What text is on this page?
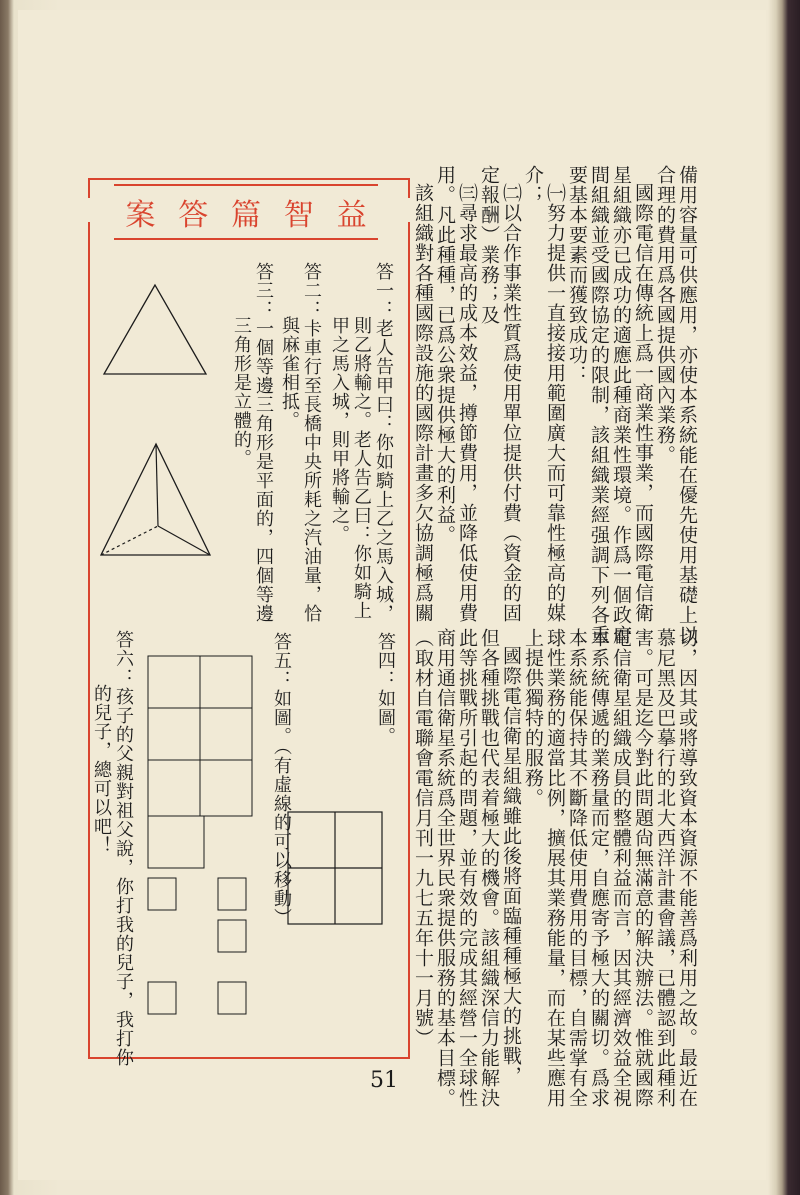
備用容量可供應用，亦使本系統能在優先使用基礎上以
合理的費用爲各國提供國內業務。
國際電信在傳統上爲一商業性事業，而國際電信衛
星組織亦已成功的適應此種商業性環境。作爲一個政府
間組織並受國際協定的限制，該組織業經强調下列各重
要基本要素而獲致成功：
㈠努力提供一直接接用範圍廣大而可靠性極高的媒
介；
㈡以合作事業性質爲使用單位提供付費（資金的固
定報酬）業務；及
㈢尋求最高的成本效益，撙節費用，並降低使用費
用。凡此種種，已爲公衆提供極大的利益。
該組織對各種國際設施的國際計畫多欠協調極爲關
切，因其或將導致資本資源不能善爲利用之故。最近在
慕尼黑及巴摹行的北大西洋計畫會議，已體認到此種利
害。可是迄今對此問題尙無滿意的解決辦法。惟就國際
電信衛星組織成員的整體利益而言，因其經濟效益全視
本系統傳遞的業務量而定，自應寄予極大的關切。爲求
本系統能保持其不斷降低使用費用的目標，自需掌有全
球性業務的適當比例，擴展其業務能量，而在某些應用
上提供獨特的服務。
國際電信衛星組織雖此後將面臨種種極大的挑戰，
但各種挑戰也代表着極大的機會。該組織深信力能解決
此等挑戰所引起的問題，並有效的完成其經營一全球性
商用通信衛星系統爲全世界民衆提供服務的基本目標。
（取材自電聯會電信月刊一九七五年十一月號）
案 答 篇 智 益
答一：老人告甲曰：你如騎上乙之馬入城，
則乙將輸之。老人告乙曰：你如騎上
甲之馬入城，則甲將輸之。
答二：卡車行至長橋中央所耗之汽油量，恰
與麻雀相抵。
答三：一個等邊三角形是平面的，四個等邊
三角形是立體的。
答四：如圖。
答五：如圖。（有虛線的可以移動）
答六：孩子的父親對祖父說，你打我的兒子，我打你
的兒子，總可以吧！
51
